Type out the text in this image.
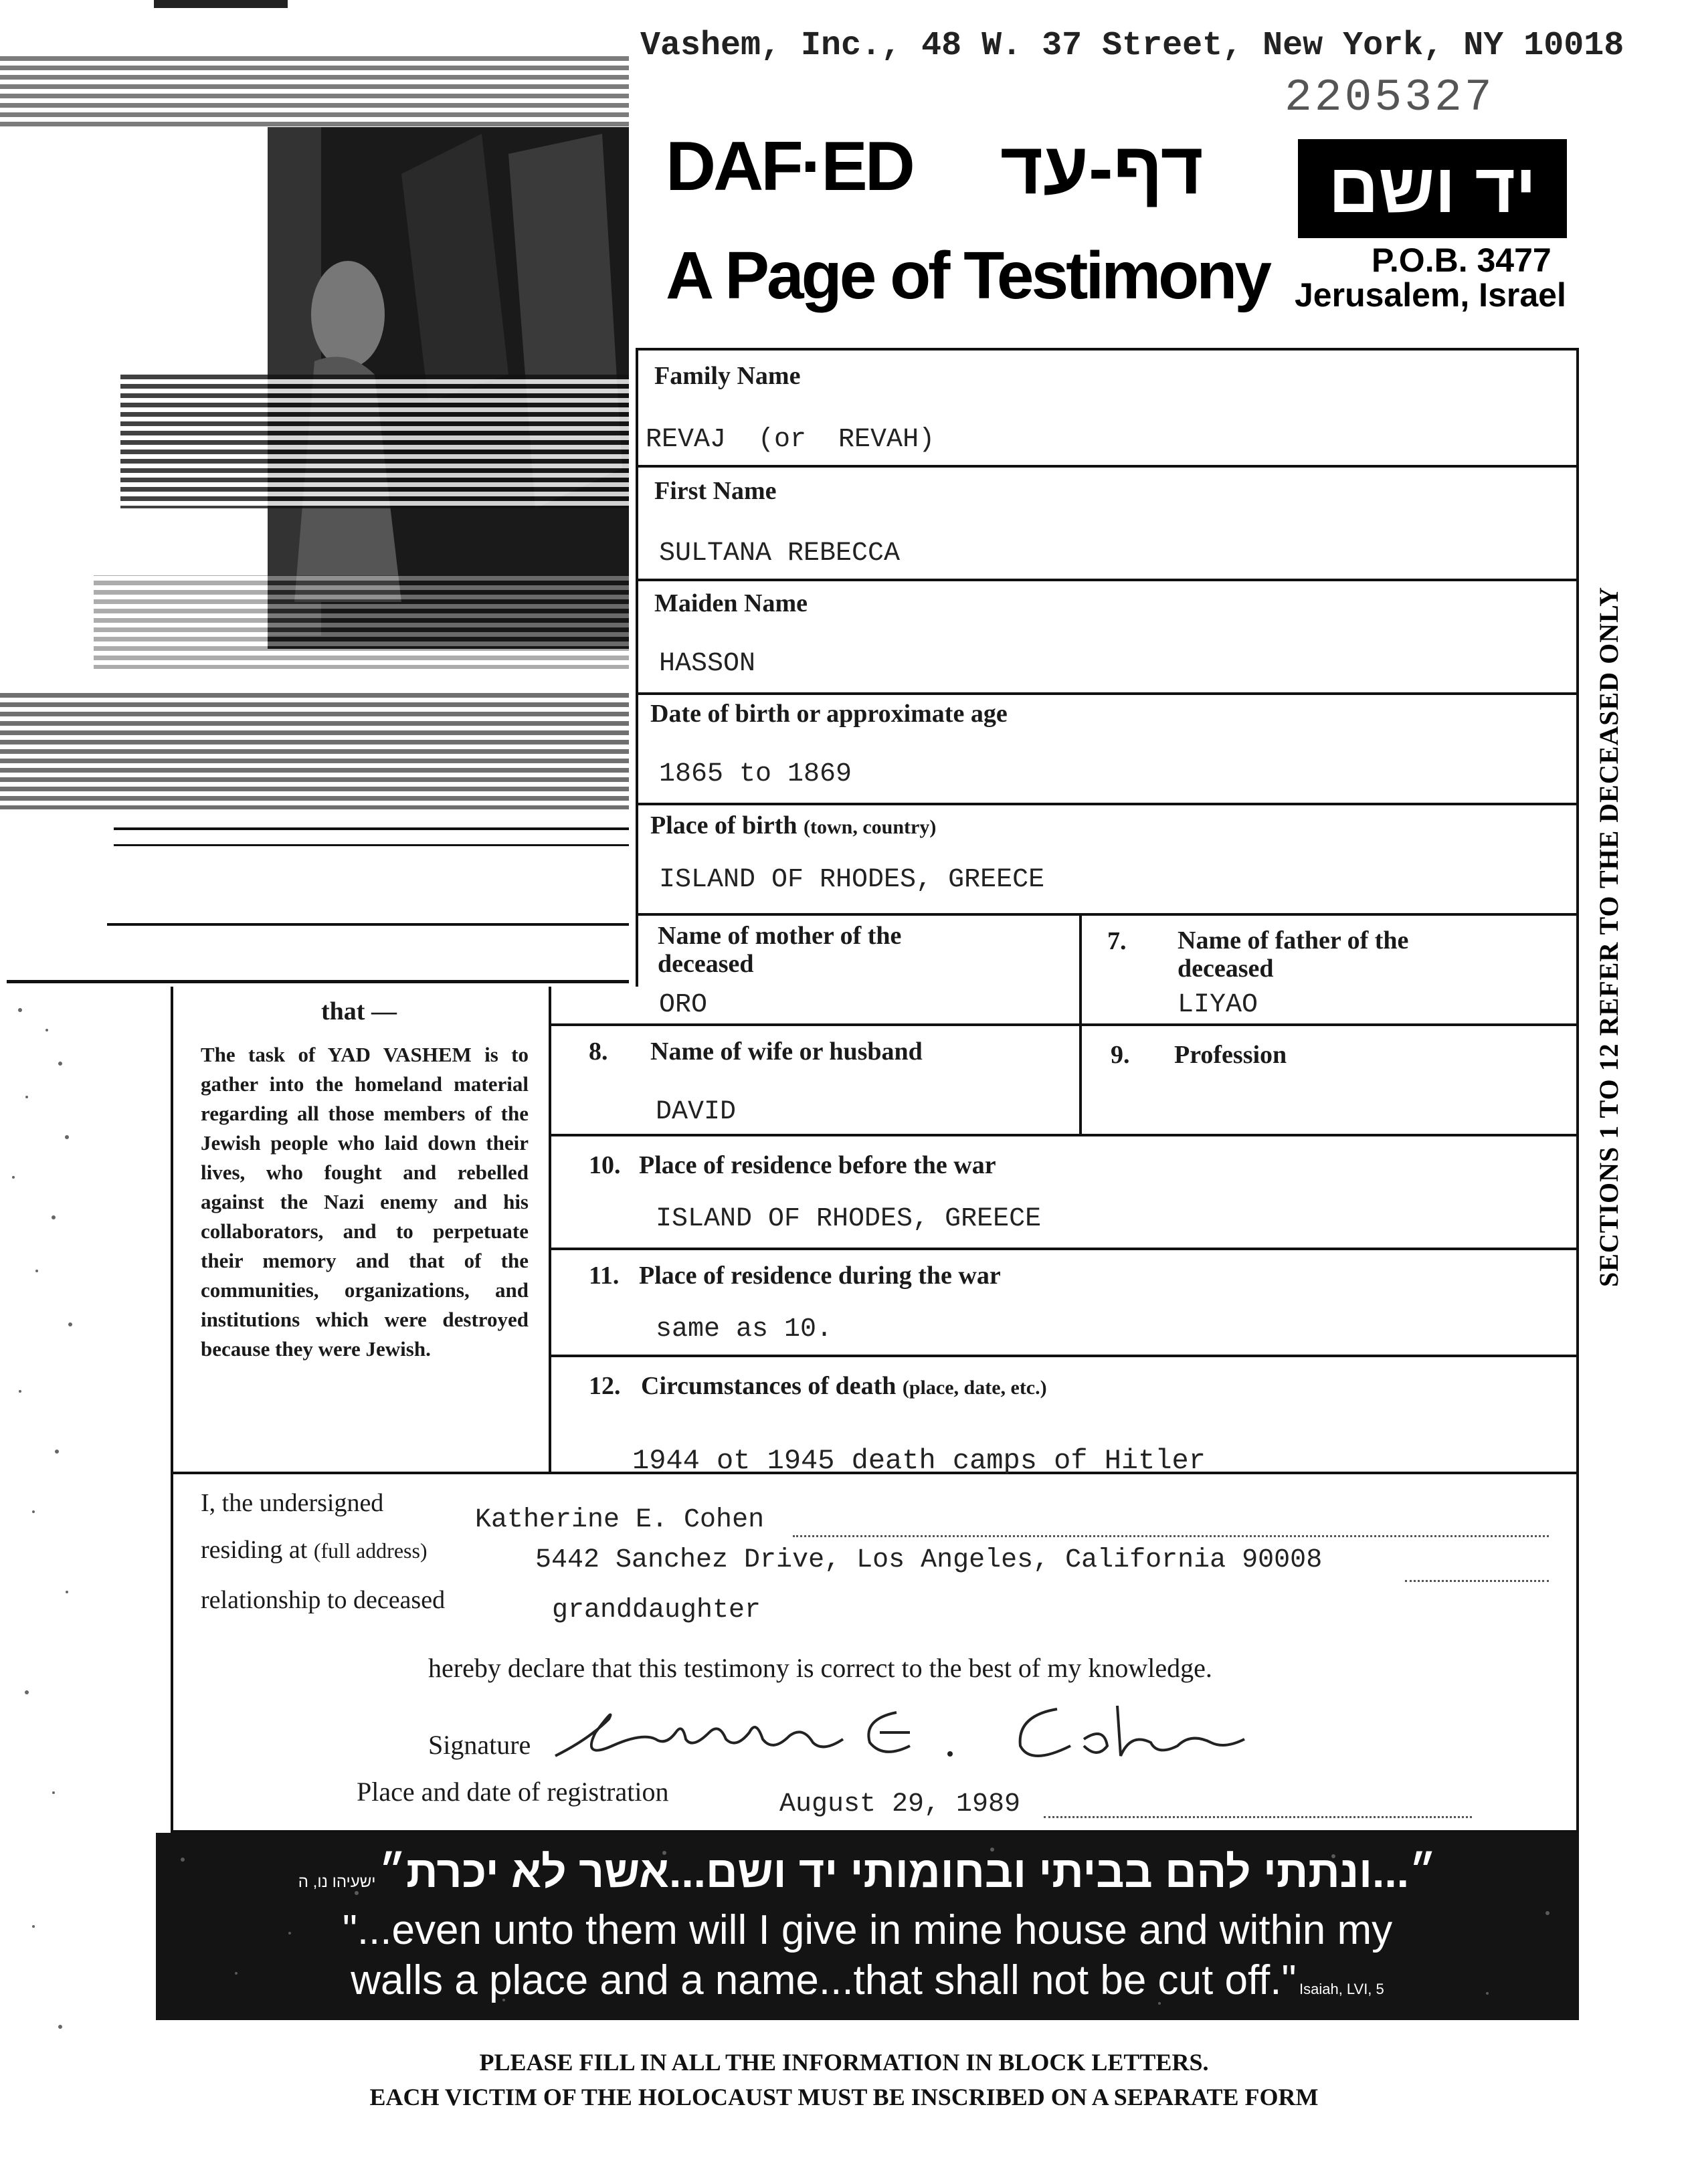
Vashem, Inc., 48 W. 37 Street, New York, NY 10018
2205327
DAF·ED דף-עד יד ושם
A Page of Testimony	P.O.B. 3477
Jerusalem, Israel
Family Name
REVAJ  (or  REVAH)
First Name
SULTANA REBECCA
Maiden Name
HASSON
Date of birth or approximate age
1865 to 1869
Place of birth (town, country)
ISLAND OF RHODES, GREECE
Name of mother of the deceased
ORO
7. Name of father of the deceased
LIYAO
that —
The task of YAD VASHEM is to gather into the homeland material regarding all those members of the Jewish people who laid down their lives, who fought and rebelled against the Nazi enemy and his collaborators, and to perpetuate their memory and that of the communities, organizations, and institutions which were destroyed because they were Jewish.
8. Name of wife or husband
DAVID
9. Profession
10. Place of residence before the war
ISLAND OF RHODES, GREECE
11. Place of residence during the war
same as 10.
12. Circumstances of death (place, date, etc.)
1944 ot 1945 death camps of Hitler
SECTIONS 1 TO 12 REFER TO THE DECEASED ONLY
I, the undersigned
Katherine E. Cohen
residing at (full address)	5442 Sanchez Drive, Los Angeles, California 90008
relationship to deceased	granddaughter
hereby declare that this testimony is correct to the best of my knowledge.
Signature
Place and date of registration	August 29, 1989
״...ונתתי להם בביתי ובחומותי יד ושם...אשר לא יכרת״ ישעיהו נו, ה
"...even unto them will I give in mine house and within my
walls a place and a name...that shall not be cut off." Isaiah, LVI, 5
PLEASE FILL IN ALL THE INFORMATION IN BLOCK LETTERS.
EACH VICTIM OF THE HOLOCAUST MUST BE INSCRIBED ON A SEPARATE FORM
